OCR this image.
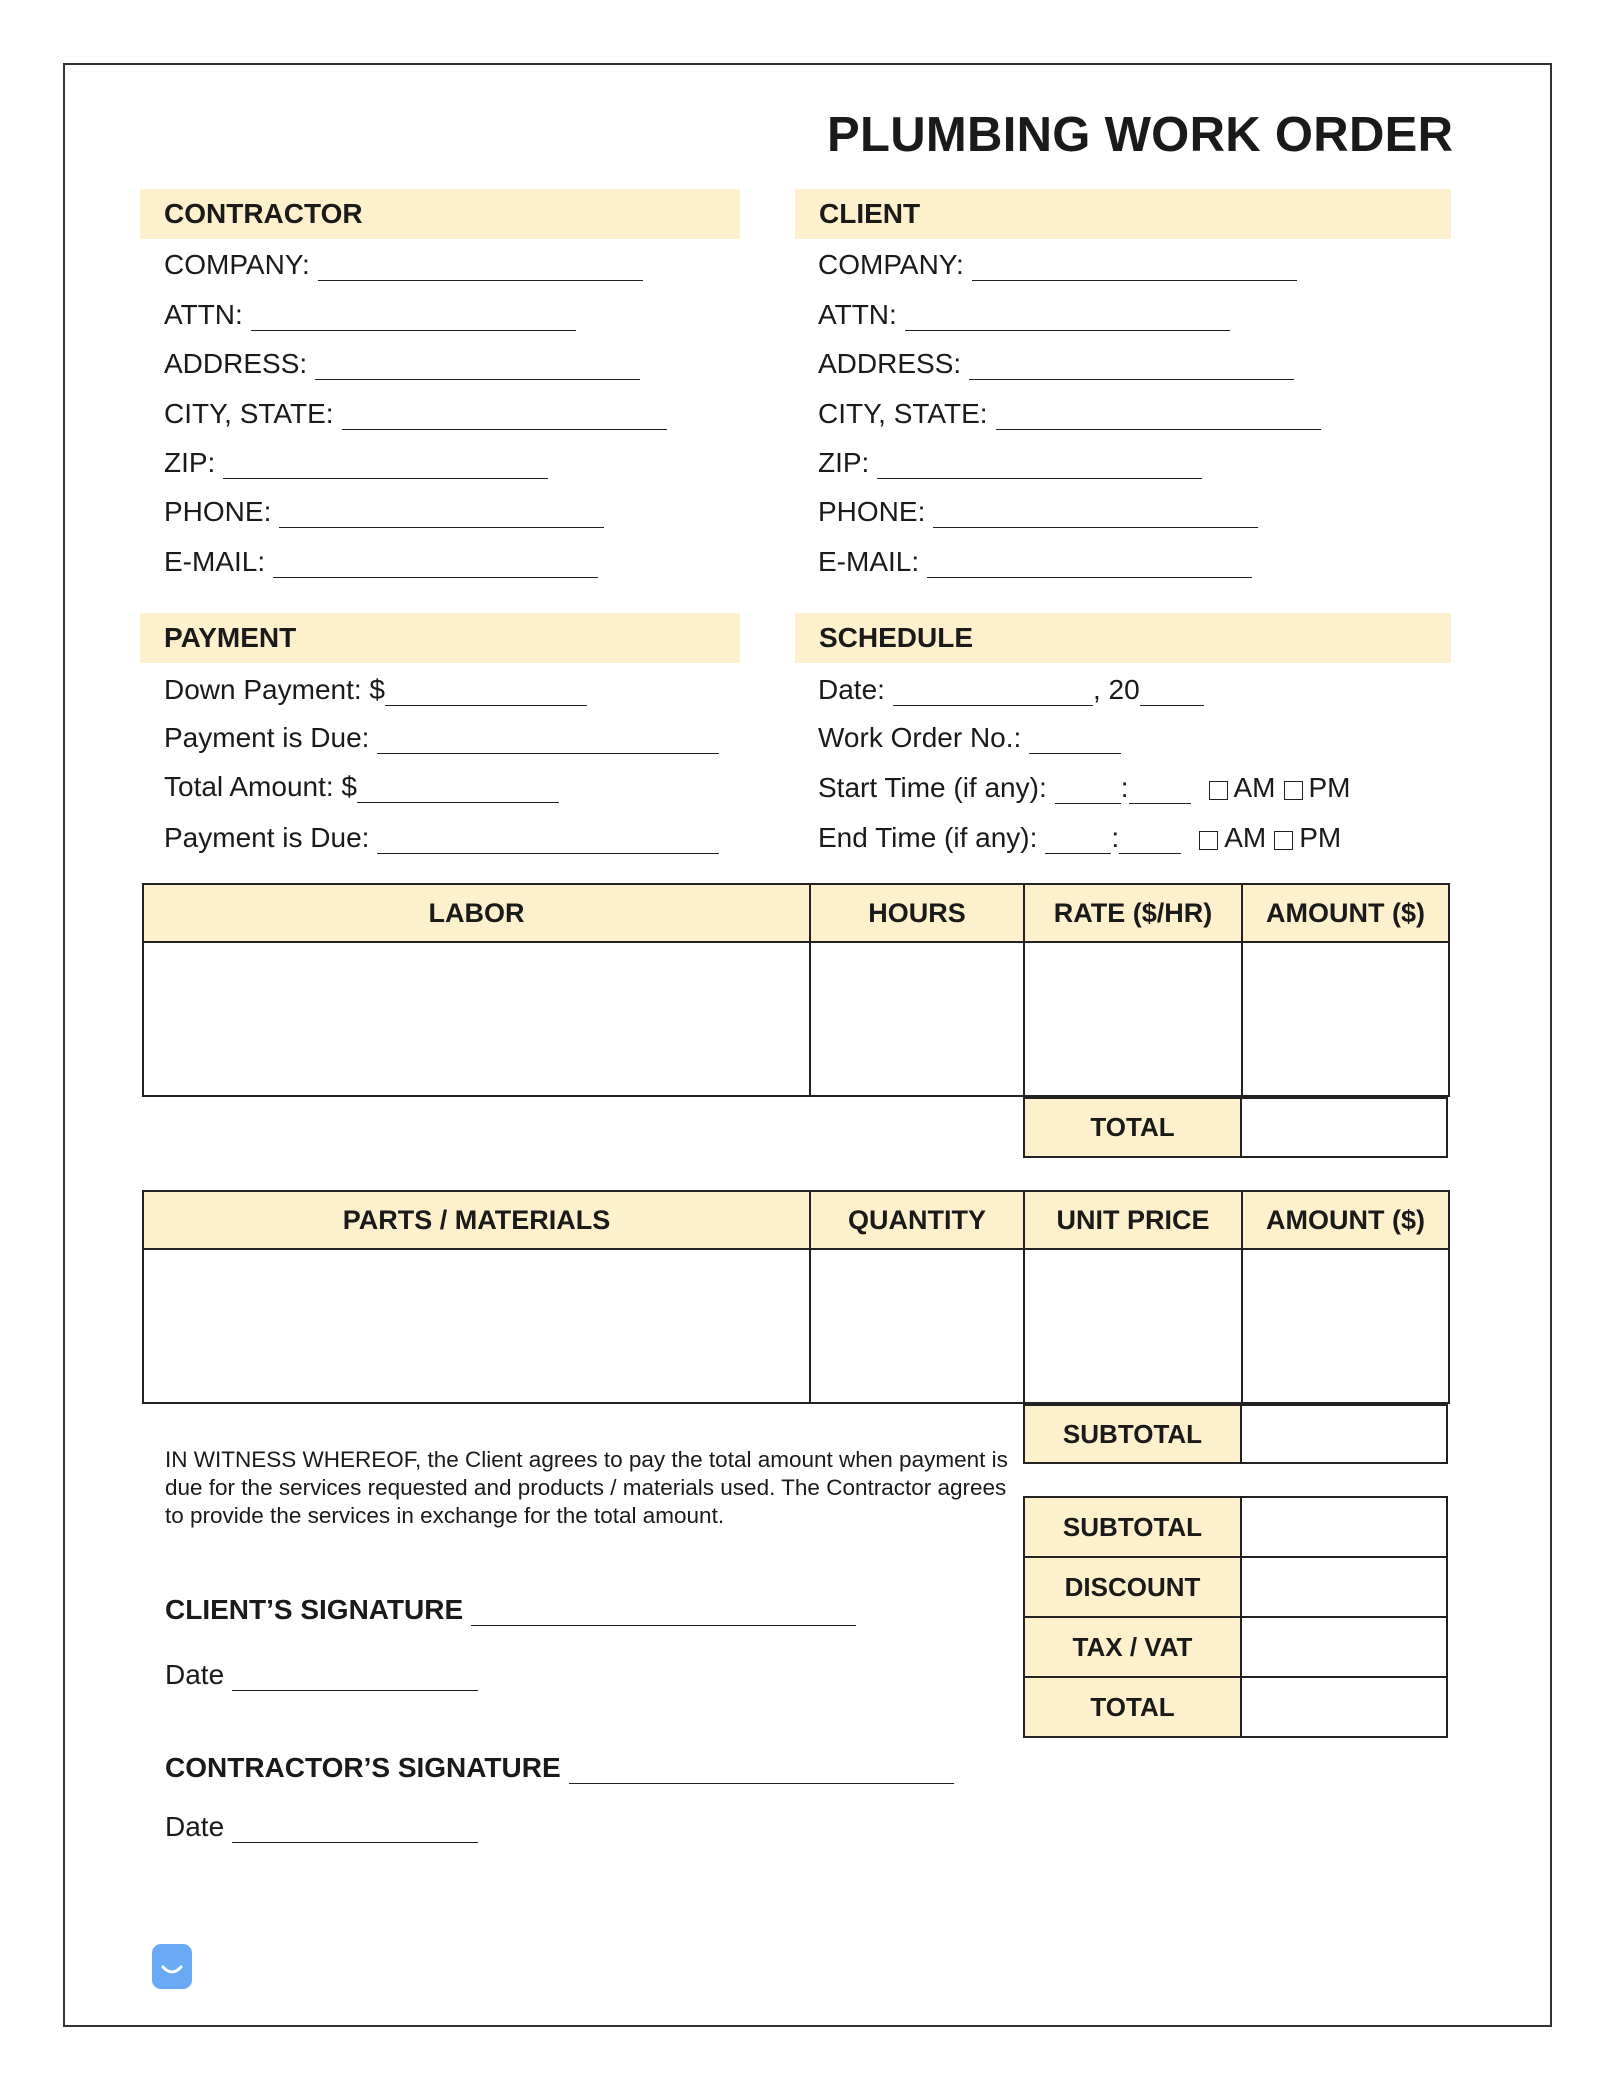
PLUMBING WORK ORDER
CONTRACTOR
COMPANY:
ATTN:
ADDRESS:
CITY, STATE:
ZIP:
PHONE:
E-MAIL:
CLIENT
COMPANY:
ATTN:
ADDRESS:
CITY, STATE:
ZIP:
PHONE:
E-MAIL:
PAYMENT
Down Payment: $
Payment is Due:
Total Amount: $
Payment is Due:
SCHEDULE
Date:	, 20
Work Order No.:
Start Time (if any):	:	AM PM
End Time (if any):	:	AM PM
LABOR	HOURS	RATE ($/HR)	AMOUNT ($)

TOTAL
PARTS / MATERIALS	QUANTITY	UNIT PRICE	AMOUNT ($)

SUBTOTAL
SUBTOTAL
DISCOUNT
TAX / VAT
TOTAL
IN WITNESS WHEREOF, the Client agrees to pay the total amount when payment is due for the services requested and products / materials used. The Contractor agrees to provide the services in exchange for the total amount.
CLIENT’S SIGNATURE
Date
CONTRACTOR’S SIGNATURE
Date
